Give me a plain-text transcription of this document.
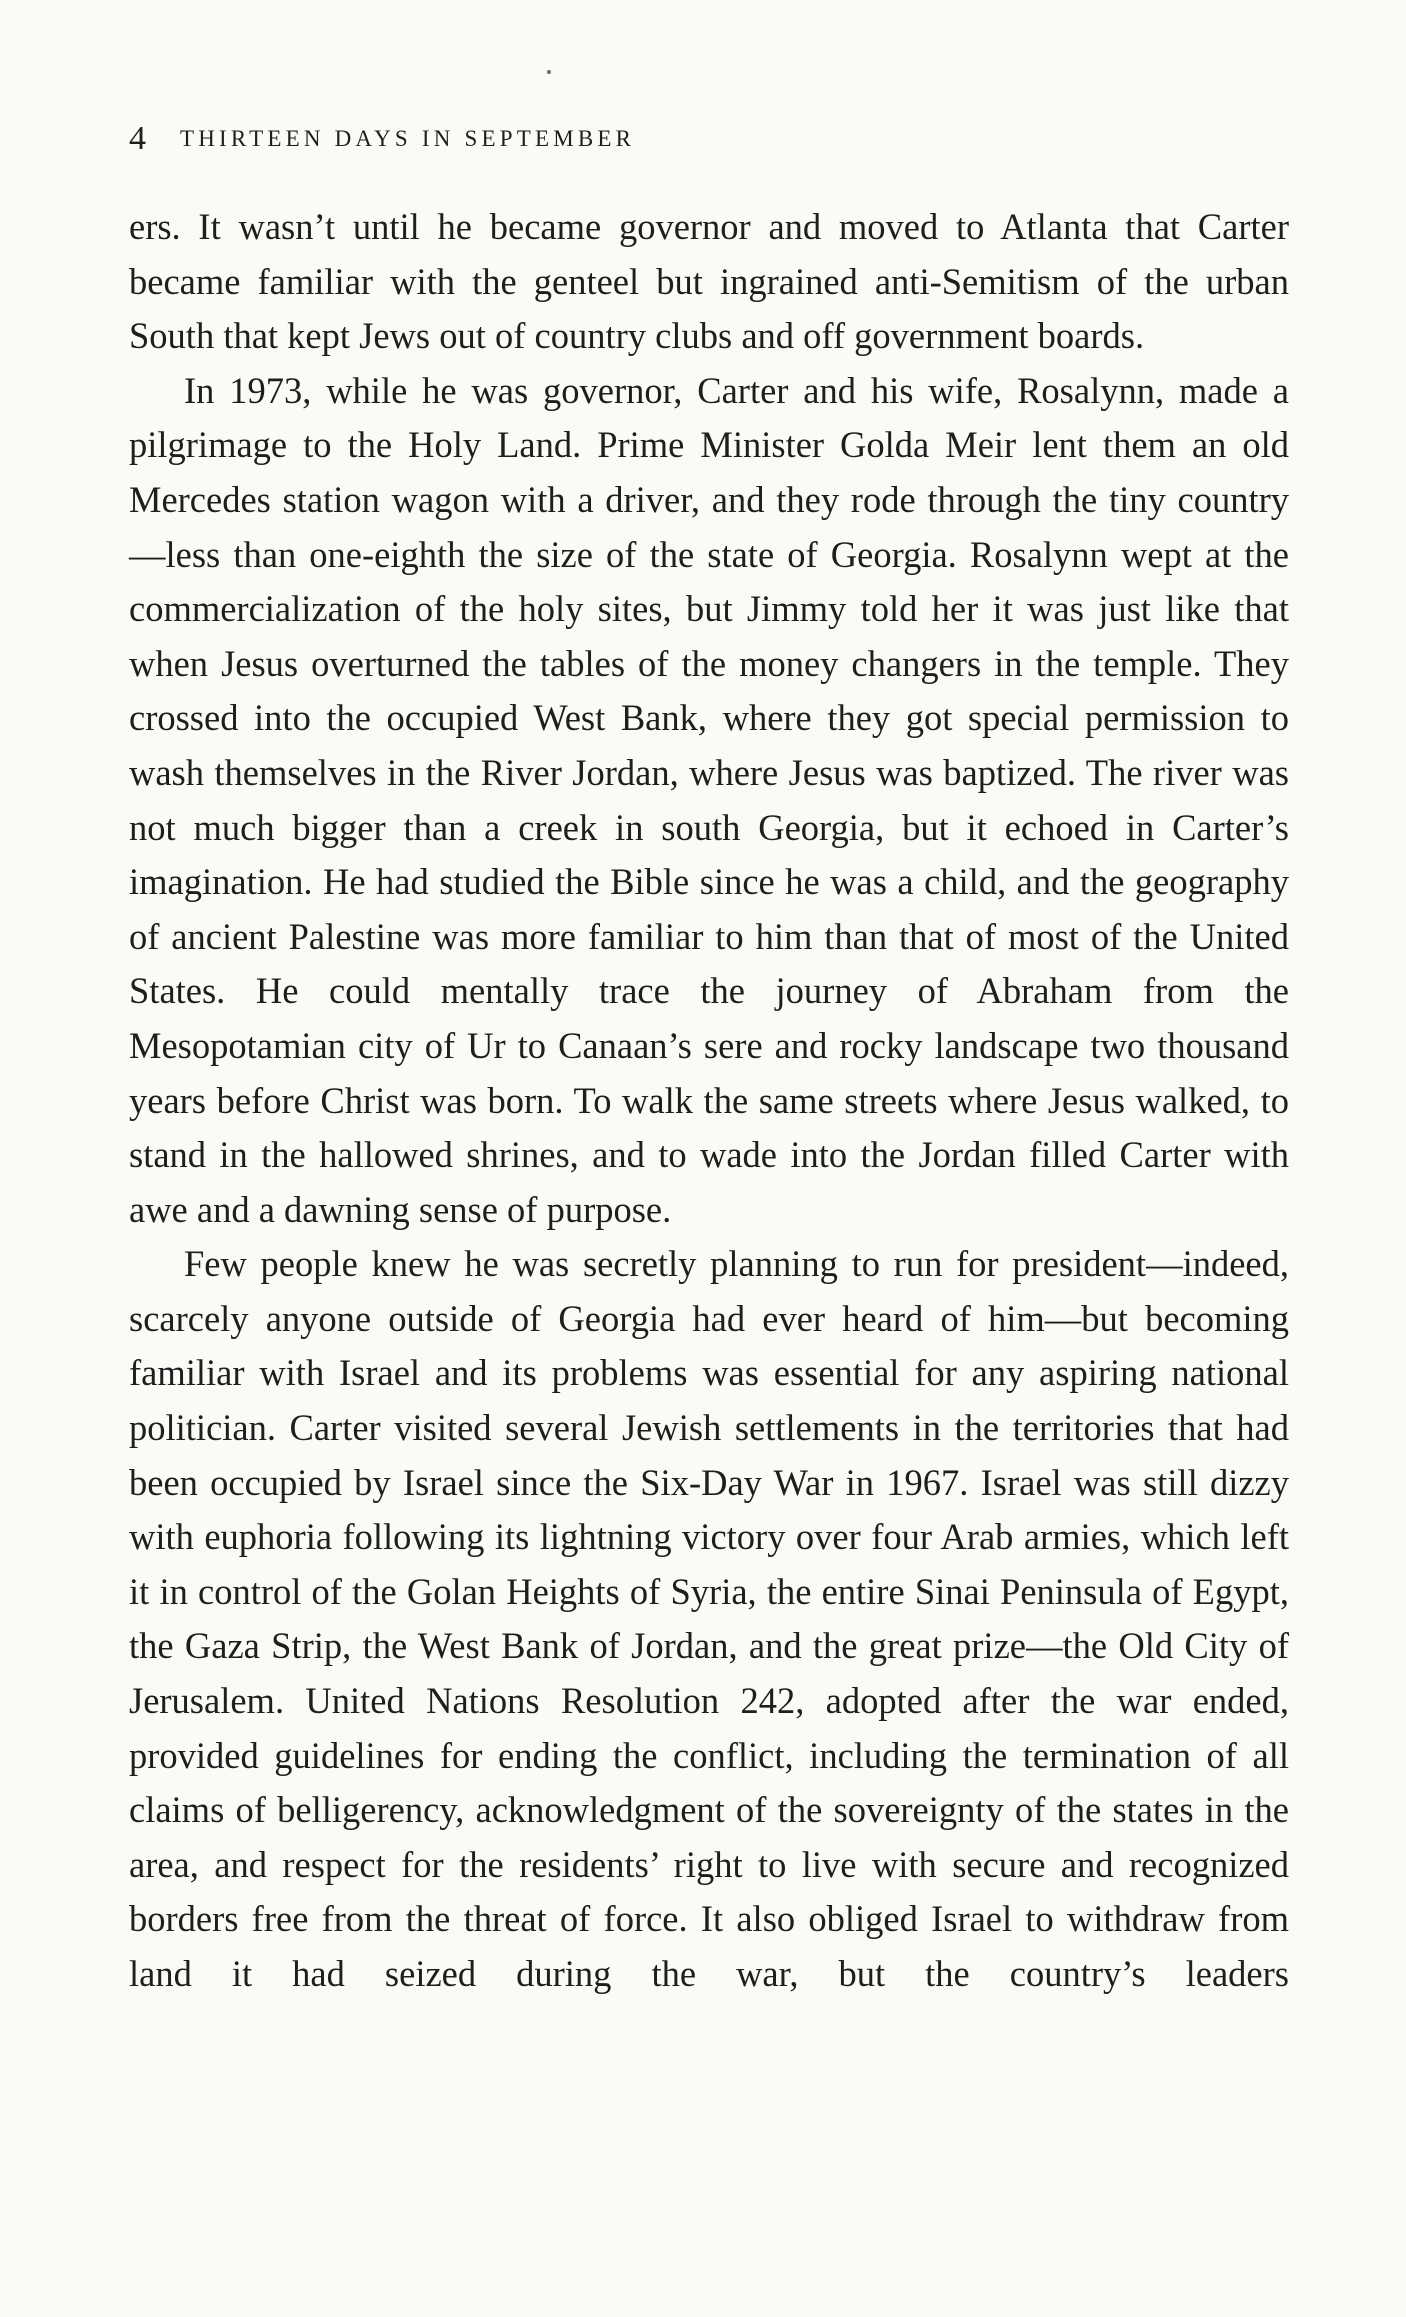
4 THIRTEEN DAYS IN SEPTEMBER

ers. It wasn’t until he became governor and moved to Atlanta that Carter became familiar with the genteel but ingrained anti-Semitism of the urban South that kept Jews out of country clubs and off government boards.

In 1973, while he was governor, Carter and his wife, Rosalynn, made a pilgrimage to the Holy Land. Prime Minister Golda Meir lent them an old Mercedes station wagon with a driver, and they rode through the tiny country—less than one-eighth the size of the state of Georgia. Rosalynn wept at the commercialization of the holy sites, but Jimmy told her it was just like that when Jesus overturned the tables of the money changers in the temple. They crossed into the occupied West Bank, where they got special permission to wash themselves in the River Jordan, where Jesus was baptized. The river was not much bigger than a creek in south Georgia, but it echoed in Carter’s imagination. He had studied the Bible since he was a child, and the geography of ancient Palestine was more familiar to him than that of most of the United States. He could mentally trace the journey of Abraham from the Mesopotamian city of Ur to Canaan’s sere and rocky landscape two thousand years before Christ was born. To walk the same streets where Jesus walked, to stand in the hallowed shrines, and to wade into the Jordan filled Carter with awe and a dawning sense of purpose.

Few people knew he was secretly planning to run for president—indeed, scarcely anyone outside of Georgia had ever heard of him—but becoming familiar with Israel and its problems was essential for any aspiring national politician. Carter visited several Jewish settlements in the territories that had been occupied by Israel since the Six-Day War in 1967. Israel was still dizzy with euphoria following its lightning victory over four Arab armies, which left it in control of the Golan Heights of Syria, the entire Sinai Peninsula of Egypt, the Gaza Strip, the West Bank of Jordan, and the great prize—the Old City of Jerusalem. United Nations Resolution 242, adopted after the war ended, provided guidelines for ending the conflict, including the termination of all claims of belligerency, acknowledgment of the sovereignty of the states in the area, and respect for the residents’ right to live with secure and recognized borders free from the threat of force. It also obliged Israel to withdraw from land it had seized during the war, but the country’s leaders
